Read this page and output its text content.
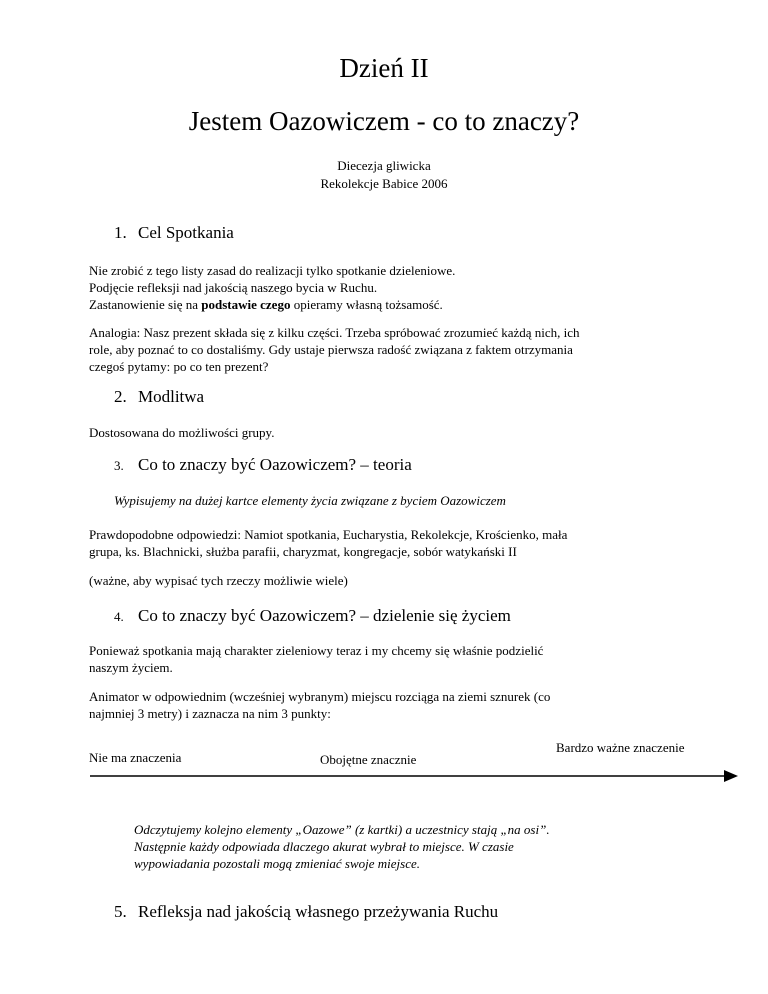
Dzień II
Jestem Oazowiczem - co to znaczy?
Diecezja gliwicka
Rekolekcje Babice 2006
1. Cel Spotkania
Nie zrobić z tego listy zasad do realizacji tylko spotkanie dzieleniowe.
Podjęcie refleksji nad jakością naszego bycia w Ruchu.
Zastanowienie się na podstawie czego opieramy własną tożsamość.
Analogia: Nasz prezent składa się z kilku części. Trzeba spróbować zrozumieć każdą nich, ich
role, aby poznać to co dostaliśmy. Gdy ustaje pierwsza radość związana z faktem otrzymania
czegoś pytamy: po co ten prezent?
2. Modlitwa
Dostosowana do możliwości grupy.
3. Co to znaczy być Oazowiczem? – teoria
Wypisujemy na dużej kartce elementy życia związane z byciem Oazowiczem
Prawdopodobne odpowiedzi: Namiot spotkania, Eucharystia, Rekolekcje, Krościenko, mała
grupa, ks. Blachnicki, służba parafii, charyzmat, kongregacje, sobór watykański II
(ważne, aby wypisać tych rzeczy możliwie wiele)
4. Co to znaczy być Oazowiczem? – dzielenie się życiem
Ponieważ spotkania mają charakter zieleniowy teraz i my chcemy się właśnie podzielić
naszym życiem.
Animator w odpowiednim (wcześniej wybranym) miejscu rozciąga na ziemi sznurek (co
najmniej 3 metry) i zaznacza na nim 3 punkty:
Nie ma znaczenia	Obojętne znacznie
Bardzo ważne znaczenie
Odczytujemy kolejno elementy „Oazowe” (z kartki) a uczestnicy stają „na osi”.
Następnie każdy odpowiada dlaczego akurat wybrał to miejsce. W czasie
wypowiadania pozostali mogą zmieniać swoje miejsce.
5. Refleksja nad jakością własnego przeżywania Ruchu
